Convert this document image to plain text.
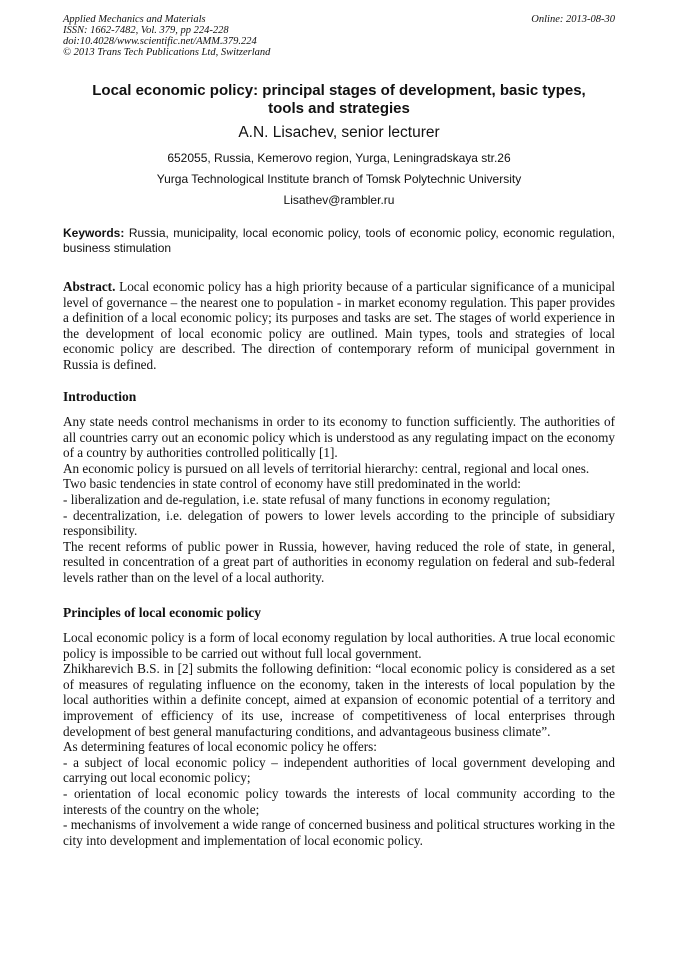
Applied Mechanics and Materials
ISSN: 1662-7482, Vol. 379, pp 224-228
doi:10.4028/www.scientific.net/AMM.379.224
© 2013 Trans Tech Publications Ltd, Switzerland
Online: 2013-08-30
Local economic policy: principal stages of development, basic types,
tools and strategies
A.N. Lisachev, senior lecturer
652055, Russia, Kemerovo region, Yurga, Leningradskaya str.26
Yurga Technological Institute branch of Tomsk Polytechnic University
Lisathev@rambler.ru
Keywords: Russia, municipality, local economic policy, tools of economic policy, economic regulation, business stimulation
Abstract. Local economic policy has a high priority because of a particular significance of a municipal level of governance – the nearest one to population - in market economy regulation. This paper provides a definition of a local economic policy; its purposes and tasks are set. The stages of world experience in the development of local economic policy are outlined. Main types, tools and strategies of local economic policy are described. The direction of contemporary reform of municipal government in Russia is defined.
Introduction

Any state needs control mechanisms in order to its economy to function sufficiently. The authorities of all countries carry out an economic policy which is understood as any regulating impact on the economy of a country by authorities controlled politically [1].

An economic policy is pursued on all levels of territorial hierarchy: central, regional and local ones.

Two basic tendencies in state control of economy have still predominated in the world:

- liberalization and de-regulation, i.e. state refusal of many functions in economy regulation;

- decentralization, i.e. delegation of powers to lower levels according to the principle of subsidiary responsibility.

The recent reforms of public power in Russia, however, having reduced the role of state, in general, resulted in concentration of a great part of authorities in economy regulation on federal and sub-federal levels rather than on the level of a local authority.

Principles of local economic policy

Local economic policy is a form of local economy regulation by local authorities. A true local economic policy is impossible to be carried out without full local government.

Zhikharevich B.S. in [2] submits the following definition: “local economic policy is considered as a set of measures of regulating influence on the economy, taken in the interests of local population by the local authorities within a definite concept, aimed at expansion of economic potential of a territory and improvement of efficiency of its use, increase of competitiveness of local enterprises through development of best general manufacturing conditions, and advantageous business climate”.

As determining features of local economic policy he offers:

- a subject of local economic policy – independent authorities of local government developing and carrying out local economic policy;

- orientation of local economic policy towards the interests of local community according to the interests of the country on the whole;

- mechanisms of involvement a wide range of concerned business and political structures working in the city into development and implementation of local economic policy.
